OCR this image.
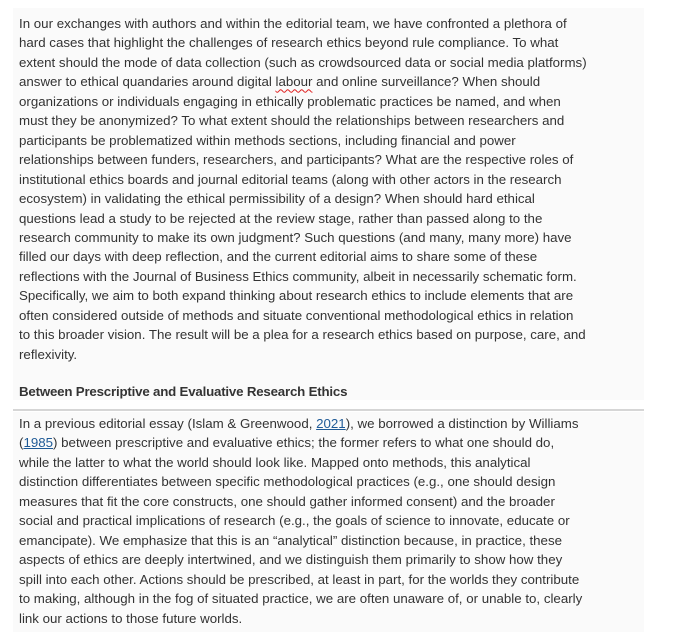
In our exchanges with authors and within the editorial team, we have confronted a plethora of
hard cases that highlight the challenges of research ethics beyond rule compliance. To what
extent should the mode of data collection (such as crowdsourced data or social media platforms)
answer to ethical quandaries around digital labour and online surveillance? When should
organizations or individuals engaging in ethically problematic practices be named, and when
must they be anonymized? To what extent should the relationships between researchers and
participants be problematized within methods sections, including financial and power
relationships between funders, researchers, and participants? What are the respective roles of
institutional ethics boards and journal editorial teams (along with other actors in the research
ecosystem) in validating the ethical permissibility of a design? When should hard ethical
questions lead a study to be rejected at the review stage, rather than passed along to the
research community to make its own judgment? Such questions (and many, many more) have
filled our days with deep reflection, and the current editorial aims to share some of these
reflections with the Journal of Business Ethics community, albeit in necessarily schematic form.
Specifically, we aim to both expand thinking about research ethics to include elements that are
often considered outside of methods and situate conventional methodological ethics in relation
to this broader vision. The result will be a plea for a research ethics based on purpose, care, and
reflexivity.
Between Prescriptive and Evaluative Research Ethics
In a previous editorial essay (Islam & Greenwood, 2021), we borrowed a distinction by Williams
(1985) between prescriptive and evaluative ethics; the former refers to what one should do,
while the latter to what the world should look like. Mapped onto methods, this analytical
distinction differentiates between specific methodological practices (e.g., one should design
measures that fit the core constructs, one should gather informed consent) and the broader
social and practical implications of research (e.g., the goals of science to innovate, educate or
emancipate). We emphasize that this is an “analytical” distinction because, in practice, these
aspects of ethics are deeply intertwined, and we distinguish them primarily to show how they
spill into each other. Actions should be prescribed, at least in part, for the worlds they contribute
to making, although in the fog of situated practice, we are often unaware of, or unable to, clearly
link our actions to those future worlds.
